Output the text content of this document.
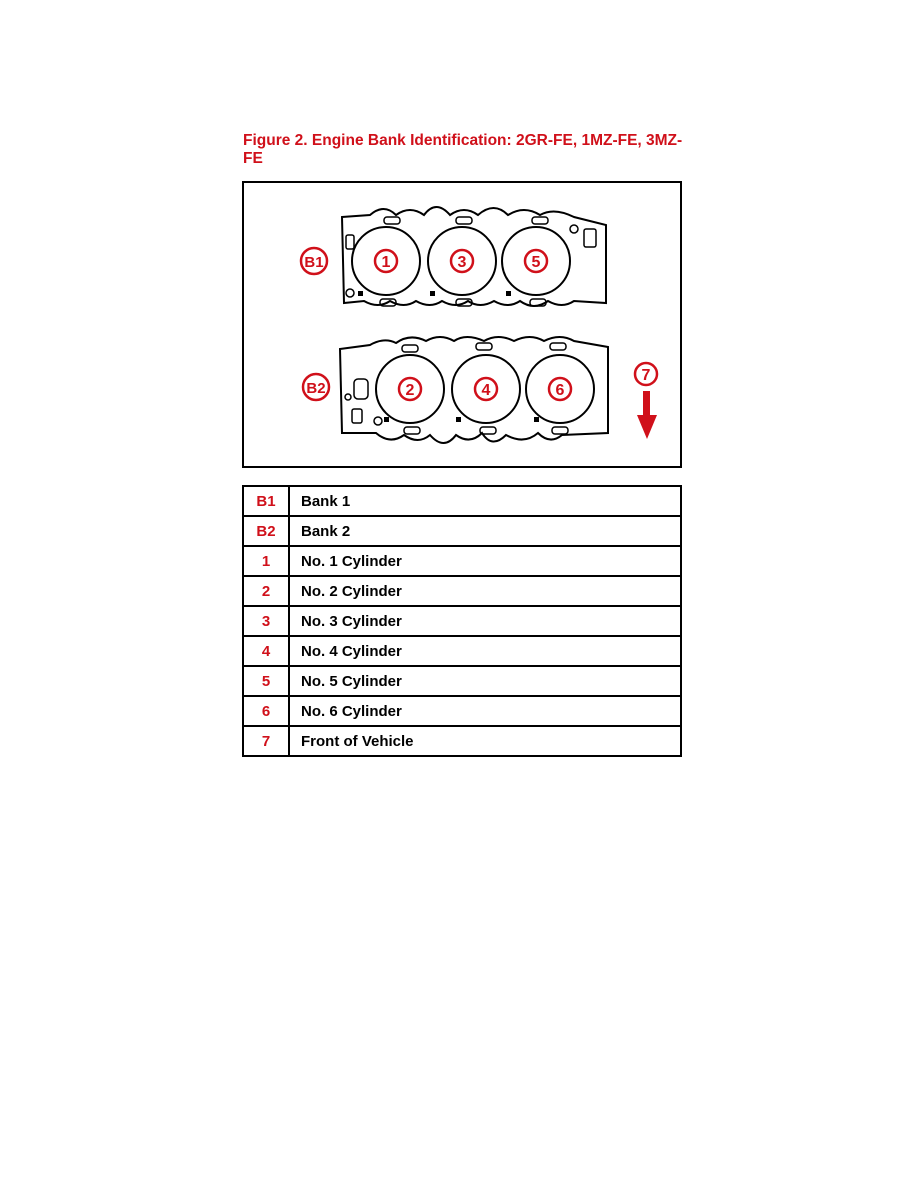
Figure 2. Engine Bank Identification: 2GR-FE, 1MZ-FE, 3MZ-FE
1	3	5
2	4	6
B1
B2
7
B1	Bank 1
B2	Bank 2
1	No. 1 Cylinder
2	No. 2 Cylinder
3	No. 3 Cylinder
4	No. 4 Cylinder
5	No. 5 Cylinder
6	No. 6 Cylinder
7	Front of Vehicle
